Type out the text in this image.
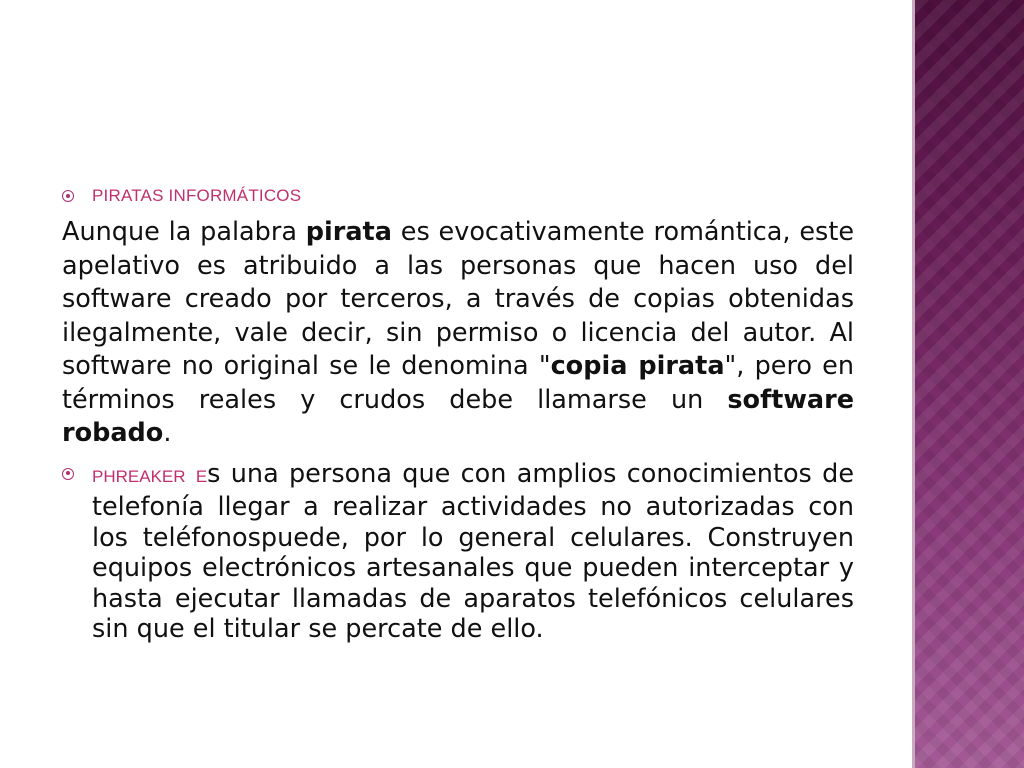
PIRATAS INFORMÁTICOS
Aunque la palabra pirata es evocativamente romántica, este apelativo es atribuido a las personas que hacen uso del software creado por terceros, a través de copias obtenidas ilegalmente, vale decir, sin permiso o licencia del autor. Al software no original se le denomina "copia pirata", pero en términos reales y crudos debe llamarse un software robado.
PHREAKER Es una persona que con amplios conocimientos de telefonía llegar a realizar actividades no autorizadas con los teléfonospuede, por lo general celulares. Construyen equipos electrónicos artesanales que pueden interceptar y hasta ejecutar llamadas de aparatos telefónicos celulares sin que el titular se percate de ello.
